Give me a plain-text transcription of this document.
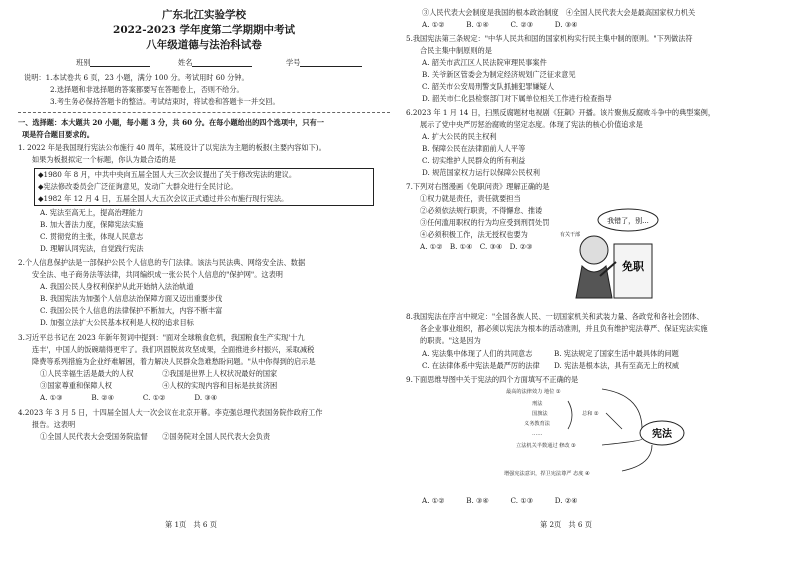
广东北江实验学校
2022-2023 学年度第二学期期中考试
八年级道德与法治科试卷
班别	姓名	学号
说明：1.本试卷共 6 页，23 小题，满分 100 分。考试用时 60 分钟。
2.选择题和非选择题的答案都要写在答题卷上，否则不给分。
3.考生务必保持答题卡的整洁。考试结束时，将试卷和答题卡一并交回。
一、选择题：本大题共 20 小题，每小题 3 分，共 60 分。在每小题给出的四个选项中，只有一
项是符合题目要求的。
1. 2022 年是我国现行宪法公布施行 40 周年，某班设计了以宪法为主题的板报(主要内容如下)。
如果为板报拟定一个标题，你认为最合适的是
◆1980 年 8 月，中共中央向五届全国人大三次会议提出了关于修改宪法的建议。
◆宪法修改委员会广泛征询意见，发动广大群众进行全民讨论。
◆1982 年 12 月 4 日，五届全国人大五次会议正式通过并公布施行现行宪法。
A. 宪法至高无上，提高治理能力
B. 加大普法力度，保障宪法实施
C. 贯彻党的主张，体现人民意志
D. 理解认同宪法，自觉践行宪法
2.个人信息保护法是一部保护公民个人信息的专门法律。该法与民法典、网络安全法、数据
安全法、电子商务法等法律，共同编织成一张公民个人信息的"保护网"。这表明
A. 我国公民人身权利保护从此开始纳入法治轨道
B. 我国宪法为加强个人信息法治保障方面又迈出重要步伐
C. 我国公民个人信息的法律保护不断加大，内容不断丰富
D. 加强立法扩大公民基本权利是人权的追求目标
3.习近平总书记在 2023 年新年贺词中提到："面对全球粮食危机，我国粮食生产实现'十九
连丰'，中国人的饭碗端得更牢了。我们巩固脱贫攻坚成果，全面推进乡村振兴，采取减税
降费等系列措施为企业纾难解困，着力解决人民群众急难愁盼问题。"从中你得到的启示是
①人民幸福生活是最大的人权　　　　②我国是世界上人权状况最好的国家
③国家尊重和保障人权　　　　　　　④人权的实现内容和目标是扶贫济困
A. ①③　　　　B. ②④　　　　C. ①②　　　　D. ③④
4.2023 年 3 月 5 日，十四届全国人大一次会议在北京开幕。李克强总理代表国务院作政府工作
报告。这表明
①全国人民代表大会受国务院监督　　②国务院对全国人民代表大会负责
③人民代表大会制度是我国的根本政治制度　④全国人民代表大会是最高国家权力机关
A. ①②　　　B. ①④　　　C. ②③　　　D. ③④
5.我国宪法第三条规定："中华人民共和国的国家机构实行民主集中制的原则。"下列做法符
合民主集中制原则的是
A. 韶关市武江区人民法院审理民事案件
B. 关爷新区管委会为制定经济规划广泛征求意见
C. 韶关市公安局刑警支队抓捕犯罪嫌疑人
D. 韶关市仁化县检察部门对下属单位相关工作进行检查指导
6.2023 年 1 月 14 日，扫黑反腐题材电视剧《狂飙》开播。该片聚焦反腐败斗争中的典型案例，
展示了党中央严厉惩治腐败的坚定态度。体现了宪法的核心价值追求是
A. 扩大公民的民主权利
B. 保障公民在法律面前人人平等
C. 切实维护人民群众的所有利益
D. 规范国家权力运行以保障公民权利
7.下列对右图漫画《免职问责》理解正确的是
①权力就是责任，责任就要担当
②必须依法规行职责，不得懈怠、推诿
③任何滥用职权的行为均应受到刑罚处罚
④必须积极工作，法无授权也要为
A. ①②　B. ①④　C. ③④　D. ②③
我错了，别...
免职
有关干部
8.我国宪法在序言中规定："全国各族人民、一切国家机关和武装力量、各政党和各社会团体、
各企业事业组织，都必须以宪法为根本的活动准则，并且负有维护宪法尊严、保证宪法实施
的职责。"这是因为
A. 宪法集中体现了人们的共同意志　　　B. 宪法规定了国家生活中最具体的问题
C. 在法律体系中宪法是最严厉的法律　　D. 宪法是根本法，具有至高无上的权威
9.下面思维导图中关于宪法的四个方面填写不正确的是
最高的法律效力 地位 ①
刑法
国旗法
义务教育法
总和 ②
……
立法机关半数通过 修改 ③
增强宪法意识，捍卫宪法尊严 态度 ④
宪法
A. ①②　　　B. ③④　　　C. ①③　　　D. ②④
第 1页　共 6 页	第 2页　共 6 页
